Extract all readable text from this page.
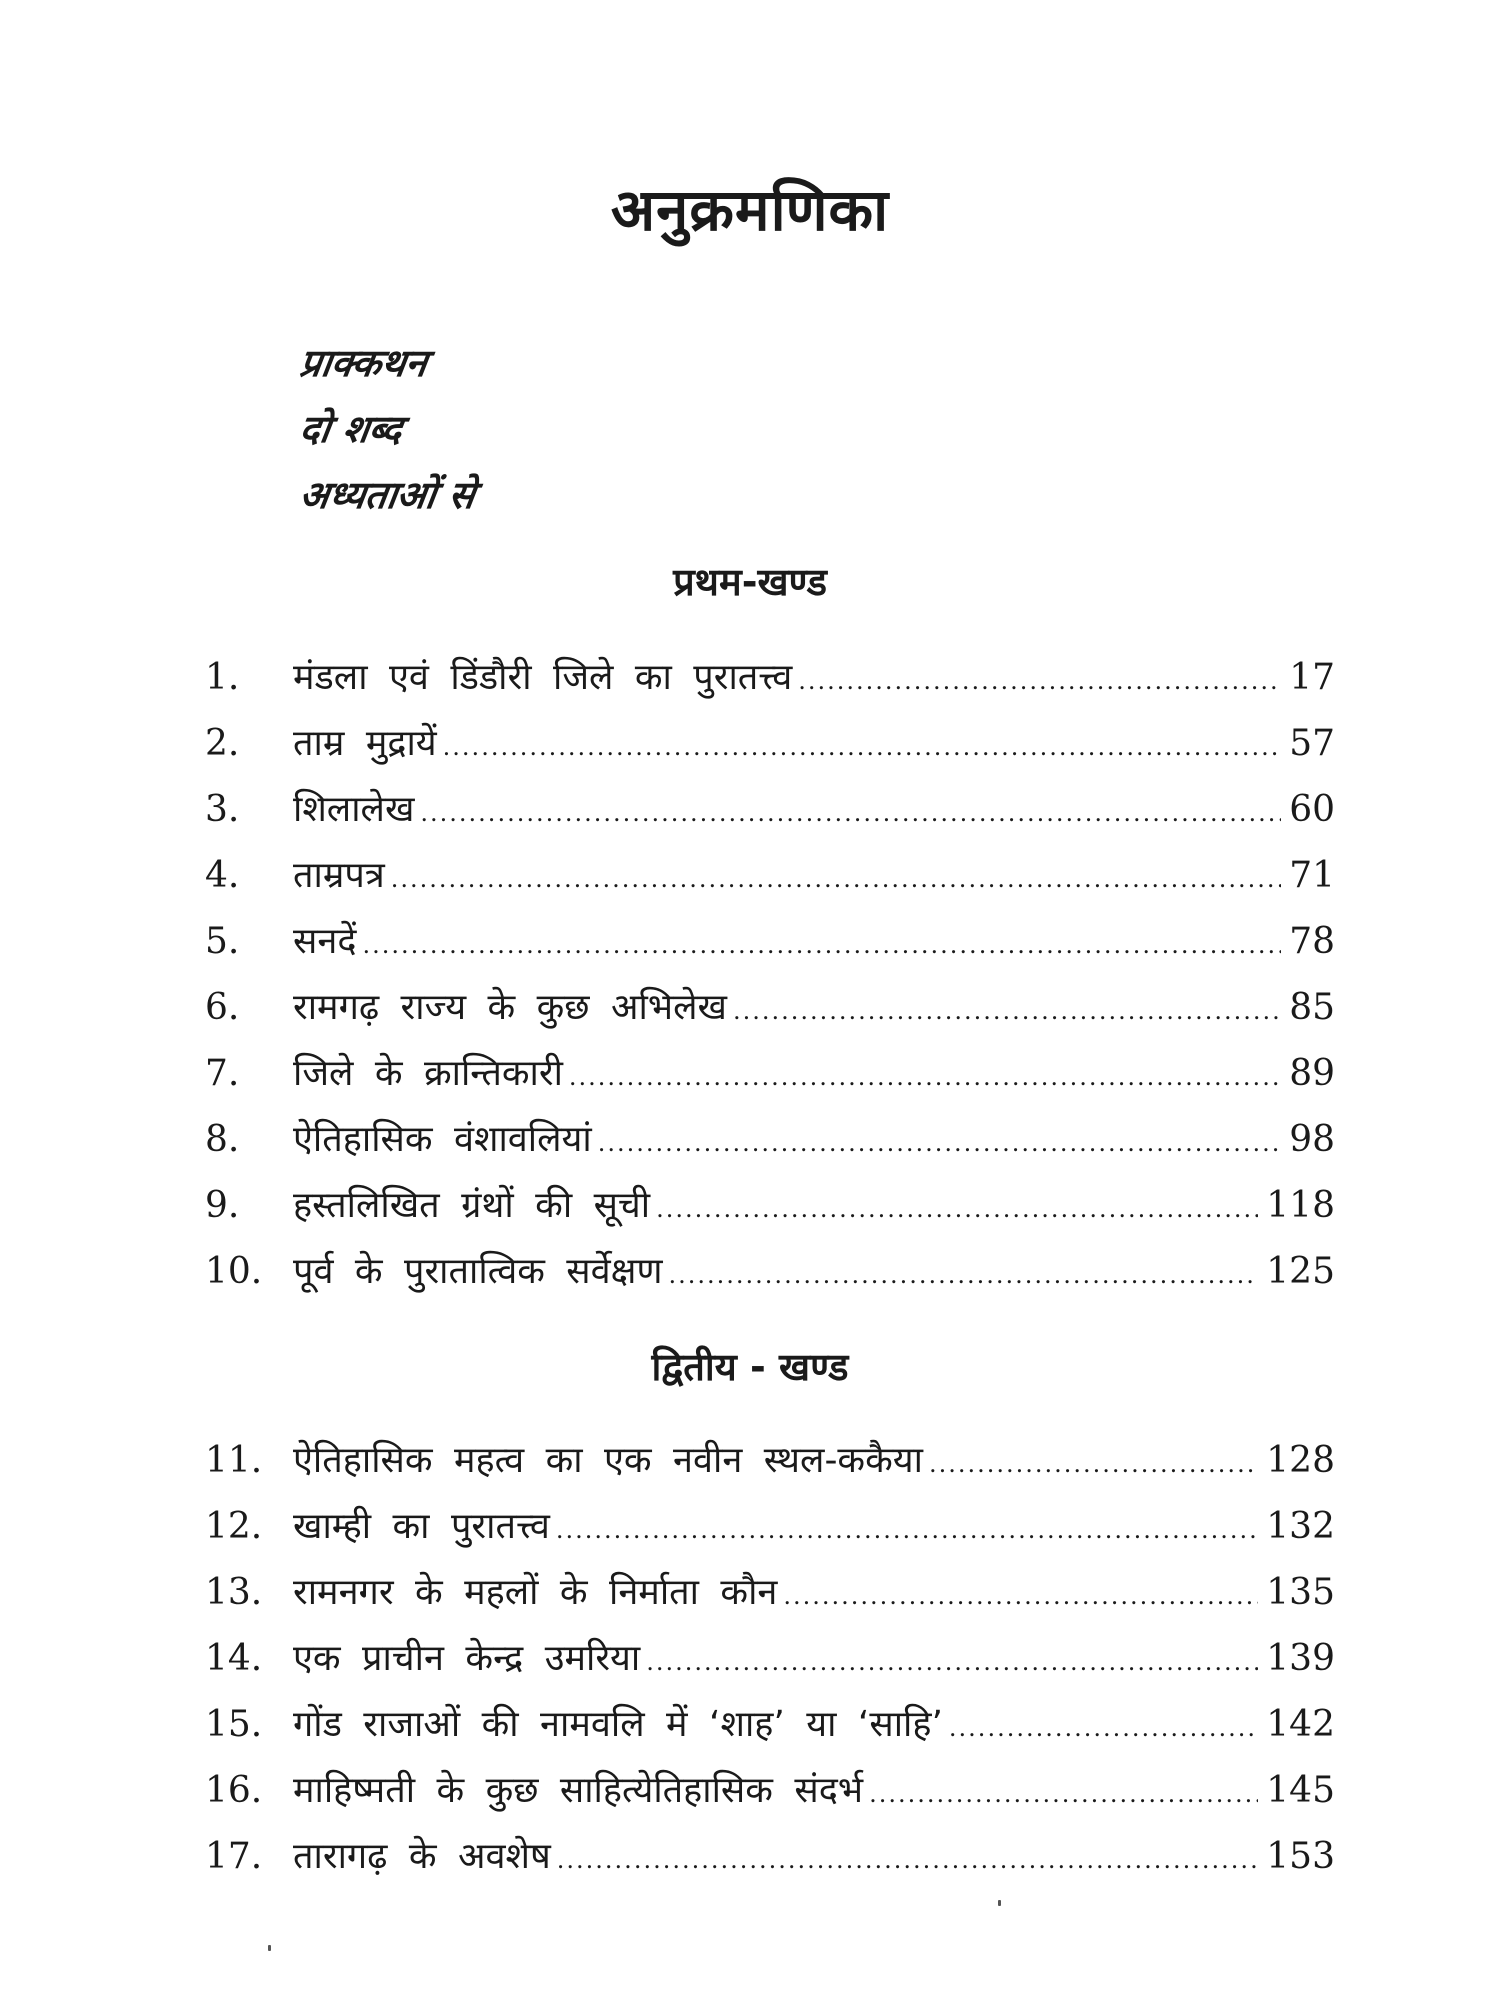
अनुक्रमणिका
प्राक्कथन
दो शब्द
अध्यताओं से
प्रथम-खण्ड
1.	मंडला एवं डिंडौरी जिले का पुरातत्त्व .....	17
2.	ताम्र मुद्रायें .....	57
3.	शिलालेख .....	60
4.	ताम्रपत्र .....	71
5.	सनदें .....	78
6.	रामगढ़ राज्य के कुछ अभिलेख .....	85
7.	जिले के क्रान्तिकारी .....	89
8.	ऐतिहासिक वंशावलियां .....	98
9.	हस्तलिखित ग्रंथों की सूची .....	118
10. पूर्व के पुरातात्विक सर्वेक्षण .....	125
द्वितीय - खण्ड
11. ऐतिहासिक महत्व का एक नवीन स्थल-ककैया .....	128
12. खाम्ही का पुरातत्त्व .....	132
13. रामनगर के महलों के निर्माता कौन .....	135
14. एक प्राचीन केन्द्र उमरिया .....	139
15. गोंड राजाओं की नामवलि में ‘शाह’ या ‘साहि’ .....	142
16. माहिष्मती के कुछ साहित्येतिहासिक संदर्भ .....	145
17. तारागढ़ के अवशेष .....	153
